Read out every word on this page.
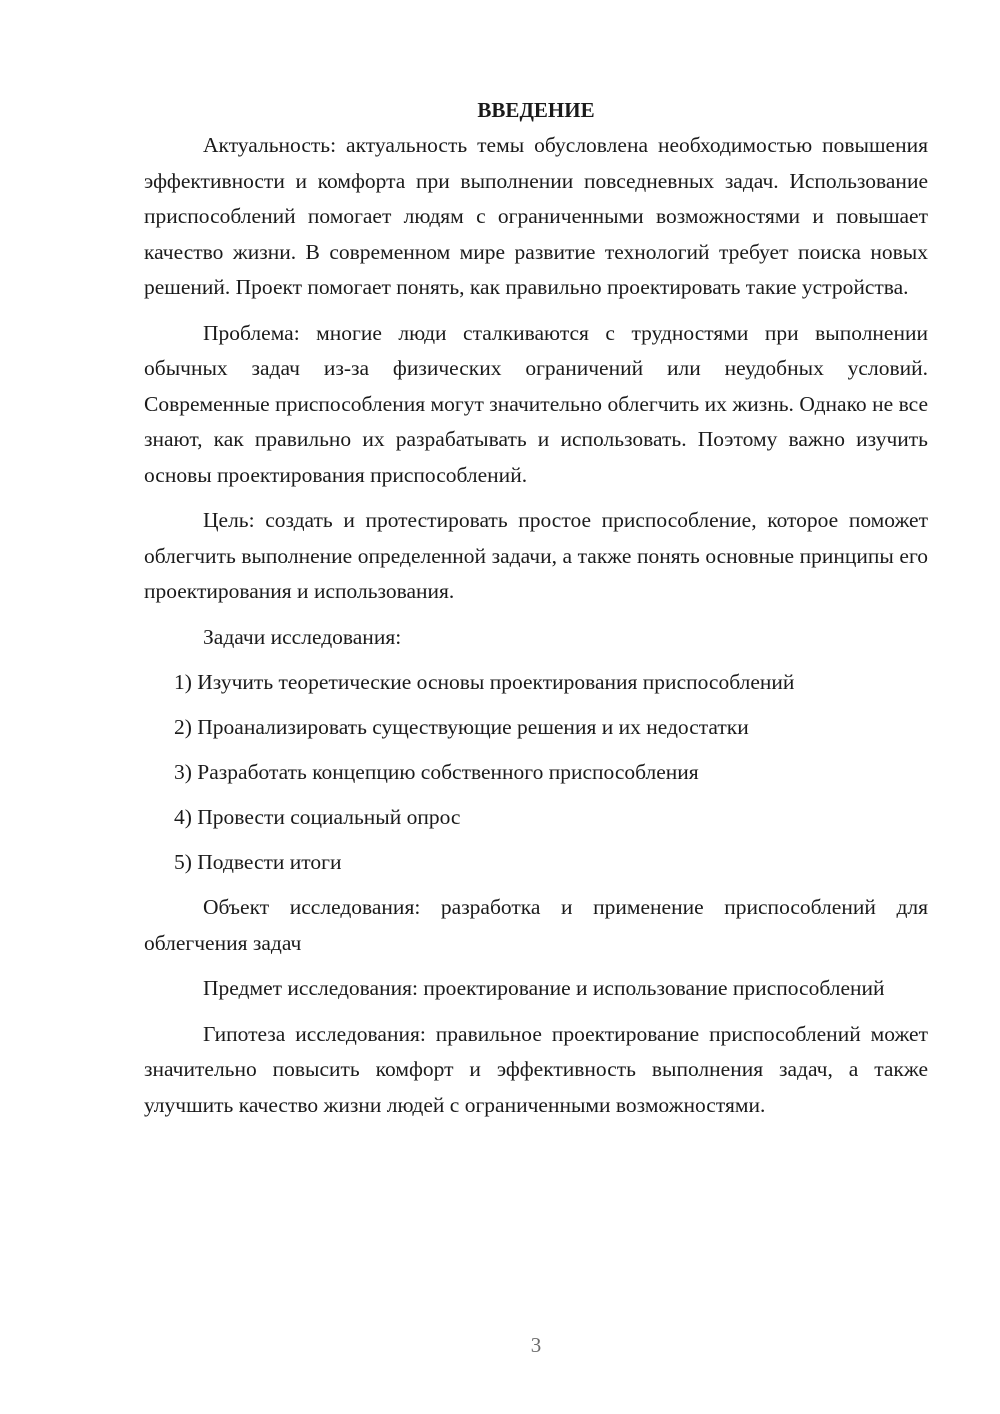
ВВЕДЕНИЕ

Актуальность: актуальность темы обусловлена необходимостью повышения эффективности и комфорта при выполнении повседневных задач. Использование приспособлений помогает людям с ограниченными возможностями и повышает качество жизни. В современном мире развитие технологий требует поиска новых решений. Проект помогает понять, как правильно проектировать такие устройства.

Проблема: многие люди сталкиваются с трудностями при выполнении обычных задач из-за физических ограничений или неудобных условий. Современные приспособления могут значительно облегчить их жизнь. Однако не все знают, как правильно их разрабатывать и использовать. Поэтому важно изучить основы проектирования приспособлений.

Цель: создать и протестировать простое приспособление, которое поможет облегчить выполнение определенной задачи, а также понять основные принципы его проектирования и использования.

Задачи исследования:

1) Изучить теоретические основы проектирования приспособлений
2) Проанализировать существующие решения и их недостатки
3) Разработать концепцию собственного приспособления
4) Провести социальный опрос
5) Подвести итоги

Объект исследования: разработка и применение приспособлений для облегчения задач

Предмет исследования: проектирование и использование приспособлений

Гипотеза исследования: правильное проектирование приспособлений может значительно повысить комфорт и эффективность выполнения задач, а также улучшить качество жизни людей с ограниченными возможностями.

3
